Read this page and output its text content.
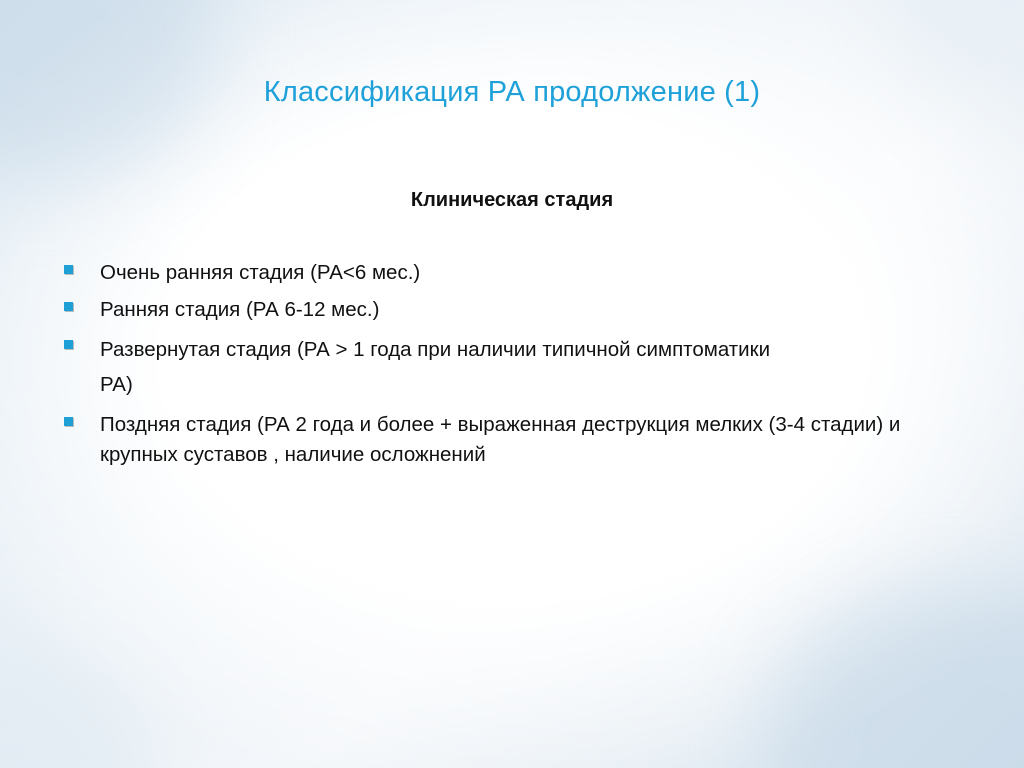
Классификация РА продолжение (1)
Клиническая стадия
Очень ранняя стадия (РА<6 мес.)
Ранняя стадия (РА 6-12 мес.)
Развернутая стадия (РА > 1 года при наличии типичной симптоматики РА)
Поздняя стадия (РА 2 года и более + выраженная деструкция мелких (3-4 стадии) и крупных суставов , наличие осложнений
